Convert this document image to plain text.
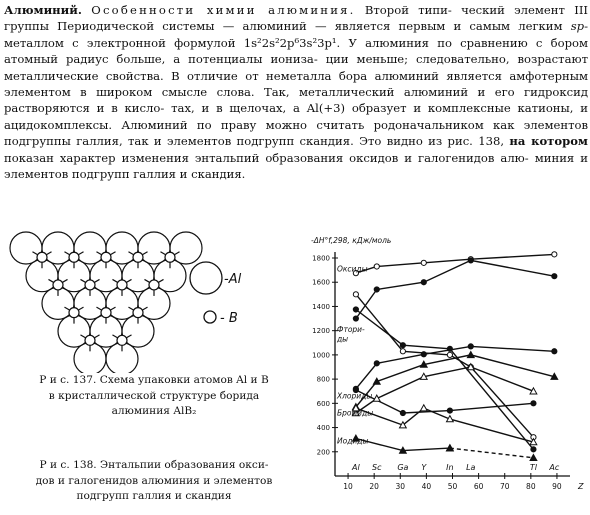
Алюминий. Особенности химии алюминия. Второй типи- ческий элемент III группы Периодической системы — алюминий — является первым и самым легким sp-металлом с электронной формулой 1s²2s²2p⁶3s²3p¹. У алюминия по сравнению с бором атомный радиус больше, а потенциалы иониза- ции меньше; следовательно, возрастают металлические свойства. В отличие от неметалла бора алюминий является амфотерным элементом в широком смысле слова. Так, металлический алюминий и его гидроксид растворяются и в кисло- тах, и в щелочах, а Al(+3) образует и комплексные катионы, и ацидокомплексы. Алюминий по праву можно считать родоначальником как элементов подгруппы галлия, так и элементов подгрупп скандия. Это видно из рис. 138, на котором показан характер изменения энтальпий образования оксидов и галогенидов алю- миния и элементов подгрупп галлия и скандия.

-Al
- B
Р и с. 137. Схема упаковки атомов Al и B
в кристаллической структуре борида
алюминия AlB₂
Р и с. 138. Энтальпии образования окси-
дов и галогенидов алюминия и элементов
подгрупп галлия и скандия
-ΔH°f,298, кДж/моль
200
400
600
800
1000
1200
1400
1600
1800
10 20 30 40 50 60 70 80 90 Z
Оксиды
Фтори-
ды
Хлориды
Бромиды
Иодиды
Al Sc Ga Y In La	Tl Ac
